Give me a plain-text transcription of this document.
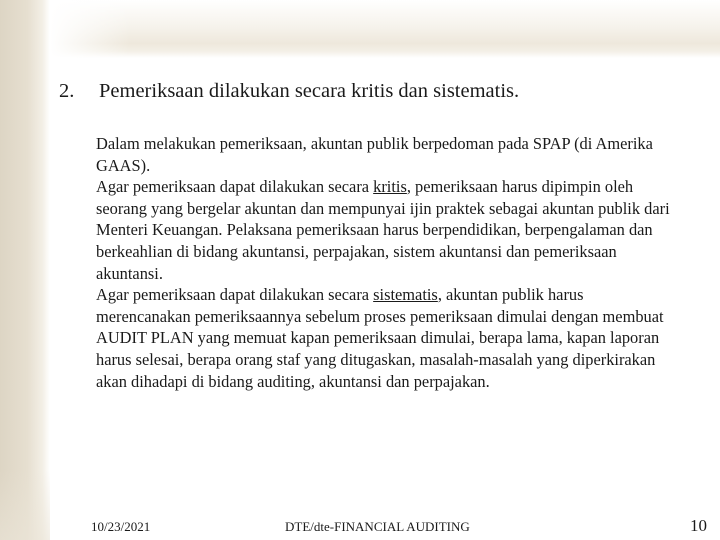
2. Pemeriksaan dilakukan secara kritis dan sistematis.

Dalam melakukan pemeriksaan, akuntan publik berpedoman pada SPAP (di Amerika GAAS).

Agar pemeriksaan dapat dilakukan secara kritis, pemeriksaan harus dipimpin oleh seorang yang bergelar akuntan dan mempunyai ijin praktek sebagai akuntan publik dari Menteri Keuangan. Pelaksana pemeriksaan harus berpendidikan, berpengalaman dan berkeahlian di bidang akuntansi, perpajakan, sistem akuntansi dan pemeriksaan akuntansi.

Agar pemeriksaan dapat dilakukan secara sistematis, akuntan publik harus merencanakan pemeriksaannya sebelum proses pemeriksaan dimulai dengan membuat AUDIT PLAN yang memuat kapan pemeriksaan dimulai, berapa lama, kapan laporan harus selesai, berapa orang staf yang ditugaskan, masalah-masalah yang diperkirakan akan dihadapi di bidang auditing, akuntansi dan perpajakan.

10/23/2021	DTE/dte-FINANCIAL AUDITING	10
